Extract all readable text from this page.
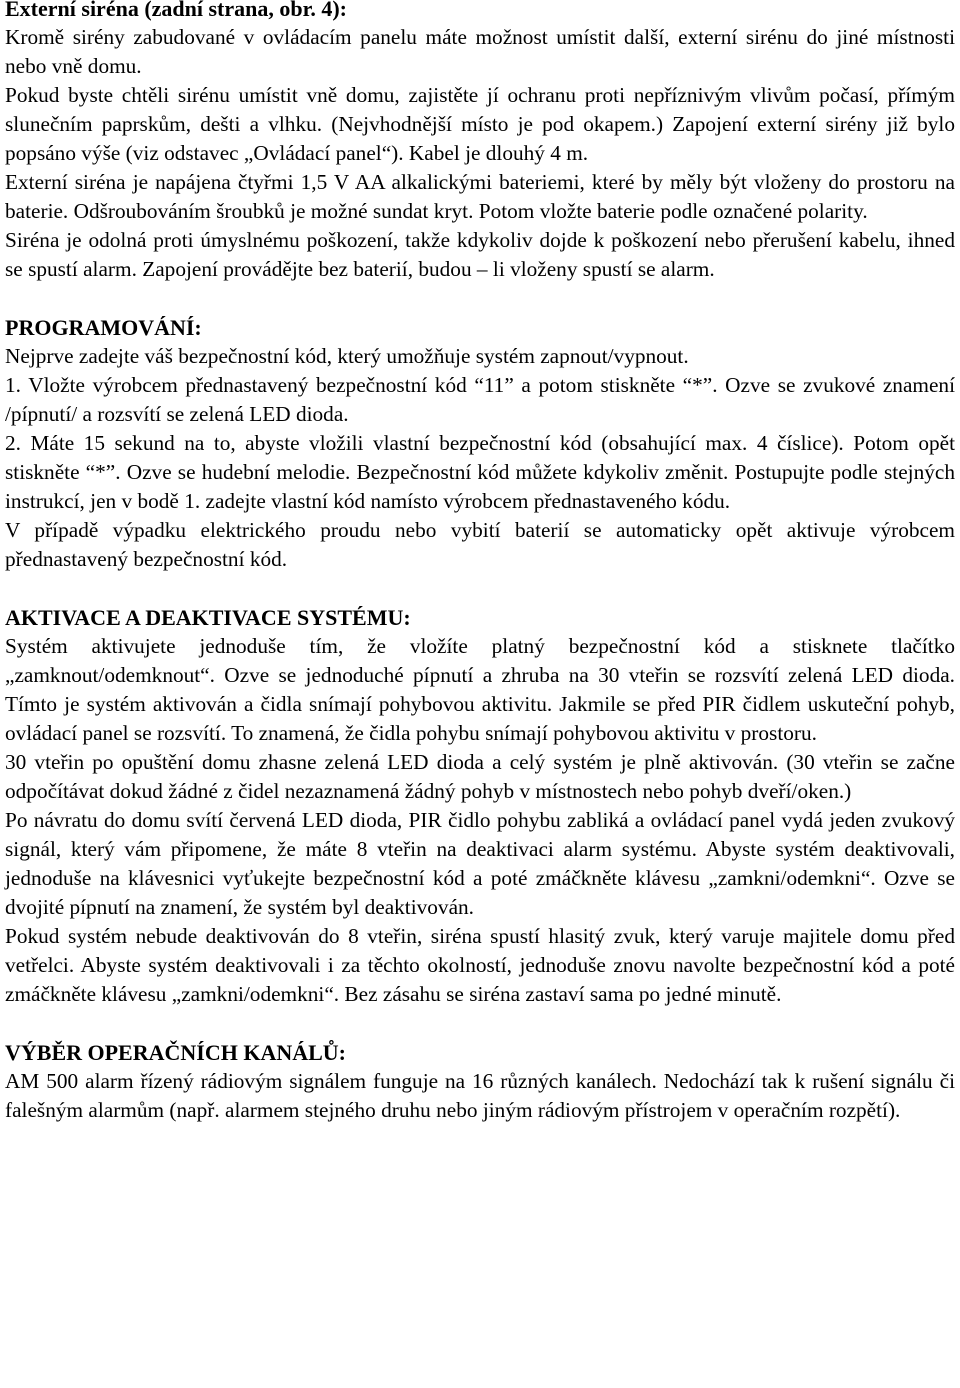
Externí siréna (zadní strana, obr. 4):

Kromě sirény zabudované v ovládacím panelu máte možnost umístit další, externí sirénu do jiné místnosti nebo vně domu.

Pokud byste chtěli sirénu umístit vně domu, zajistěte jí ochranu proti nepříznivým vlivům počasí, přímým slunečním paprskům, dešti a vlhku. (Nejvhodnější místo je pod okapem.) Zapojení externí sirény již bylo popsáno výše (viz odstavec „Ovládací panel“). Kabel je dlouhý 4 m.

Externí siréna je napájena čtyřmi 1,5 V AA alkalickými bateriemi, které by měly být vloženy do prostoru na baterie. Odšroubováním šroubků je možné sundat kryt. Potom vložte baterie podle označené polarity.

Siréna je odolná proti úmyslnému poškození, takže kdykoliv dojde k poškození nebo přerušení kabelu, ihned se spustí alarm. Zapojení provádějte bez baterií, budou – li vloženy spustí se alarm.

PROGRAMOVÁNÍ:

Nejprve zadejte váš bezpečnostní kód, který umožňuje systém zapnout/vypnout.

1. Vložte výrobcem přednastavený bezpečnostní kód “11” a potom stiskněte “*”. Ozve se zvukové znamení /pípnutí/ a rozsvítí se zelená LED dioda.

2. Máte 15 sekund na to, abyste vložili vlastní bezpečnostní kód (obsahující max. 4 číslice). Potom opět stiskněte “*”. Ozve se hudební melodie. Bezpečnostní kód můžete kdykoliv změnit. Postupujte podle stejných instrukcí, jen v bodě 1. zadejte vlastní kód namísto výrobcem přednastaveného kódu.

V případě výpadku elektrického proudu nebo vybití baterií se automaticky opět aktivuje výrobcem přednastavený bezpečnostní kód.

AKTIVACE A DEAKTIVACE SYSTÉMU:

Systém aktivujete jednoduše tím, že vložíte platný bezpečnostní kód a stisknete tlačítko „zamknout/odemknout“. Ozve se jednoduché pípnutí a zhruba na 30 vteřin se rozsvítí zelená LED dioda. Tímto je systém aktivován a čidla snímají pohybovou aktivitu. Jakmile se před PIR čidlem uskuteční pohyb, ovládací panel se rozsvítí. To znamená, že čidla pohybu snímají pohybovou aktivitu v prostoru.

30 vteřin po opuštění domu zhasne zelená LED dioda a celý systém je plně aktivován. (30 vteřin se začne odpočítávat dokud žádné z čidel nezaznamená žádný pohyb v místnostech nebo pohyb dveří/oken.)

Po návratu do domu svítí červená LED dioda, PIR čidlo pohybu zabliká a ovládací panel vydá jeden zvukový signál, který vám připomene, že máte 8 vteřin na deaktivaci alarm systému. Abyste systém deaktivovali, jednoduše na klávesnici vyťukejte bezpečnostní kód a poté zmáčkněte klávesu „zamkni/odemkni“. Ozve se dvojité pípnutí na znamení, že systém byl deaktivován.

Pokud systém nebude deaktivován do 8 vteřin, siréna spustí hlasitý zvuk, který varuje majitele domu před vetřelci. Abyste systém deaktivovali i za těchto okolností, jednoduše znovu navolte bezpečnostní kód a poté zmáčkněte klávesu „zamkni/odemkni“. Bez zásahu se siréna zastaví sama po jedné minutě.

VÝBĚR OPERAČNÍCH KANÁLŮ:

AM 500 alarm řízený rádiovým signálem funguje na 16 různých kanálech. Nedochází tak k rušení signálu či falešným alarmům (např. alarmem stejného druhu nebo jiným rádiovým přístrojem v operačním rozpětí).
